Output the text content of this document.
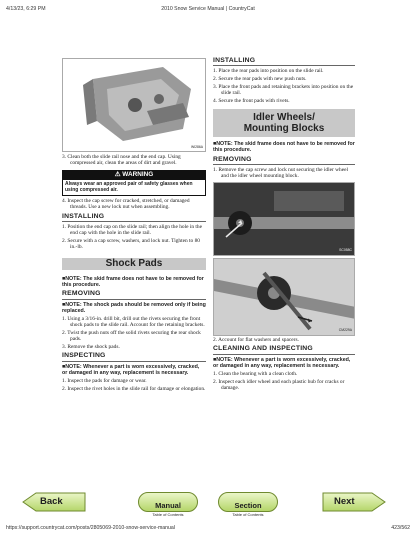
4/13/23, 6:29 PM	2010 Snow Service Manual | CountryCat
WI286A
3. Clean both the slide rail nose and the end cap. Using compressed air, clean the areas of dirt and gravel.
⚠ WARNING
Always wear an approved pair of safety glasses when using compressed air.
4. Inspect the cap screw for cracked, stretched, or damaged threads. Use a new lock nut when assembling.
INSTALLING
1. Position the end cap on the slide rail; then align the hole in the end cap with the hole in the slide rail.
2. Secure with a cap screw, washers, and lock nut. Tighten to 80 in.-lb.
Shock Pads
■NOTE: The skid frame does not have to be removed for this procedure.
REMOVING
■NOTE: The shock pads should be removed only if being replaced.
1. Using a 3/16-in. drill bit, drill out the rivets securing the front shock pads to the slide rail. Account for the retaining brackets.
2. Twist the push nuts off the solid rivets securing the rear shock pads.
3. Remove the shock pads.
INSPECTING
■NOTE: Whenever a part is worn excessively, cracked, or damaged in any way, replacement is necessary.
1. Inspect the pads for damage or wear.
2. Inspect the rivet holes in the slide rail for damage or elongation.
INSTALLING
1. Place the rear pads into position on the slide rail.
2. Secure the rear pads with new push nuts.
3. Place the front pads and retaining brackets into position on the slide rail.
4. Secure the front pads with rivets.
Idler Wheels/
Mounting Blocks
■NOTE: The skid frame does not have to be removed for this procedure.
REMOVING
1. Remove the cap screw and lock nut securing the idler wheel and the idler wheel mounting block.
SC058C
CM229A
2. Account for flat washers and spacers.
CLEANING AND INSPECTING
■NOTE: Whenever a part is worn excessively, cracked, or damaged in any way, replacement is necessary.
1. Clean the bearing with a clean cloth.
2. Inspect each idler wheel and each plastic hub for cracks or damage.
Back	Manual
Table of Contents
Section
Table of Contents
Next
https://support.countrycat.com/posts/2805069-2010-snow-service-manual	423/562
